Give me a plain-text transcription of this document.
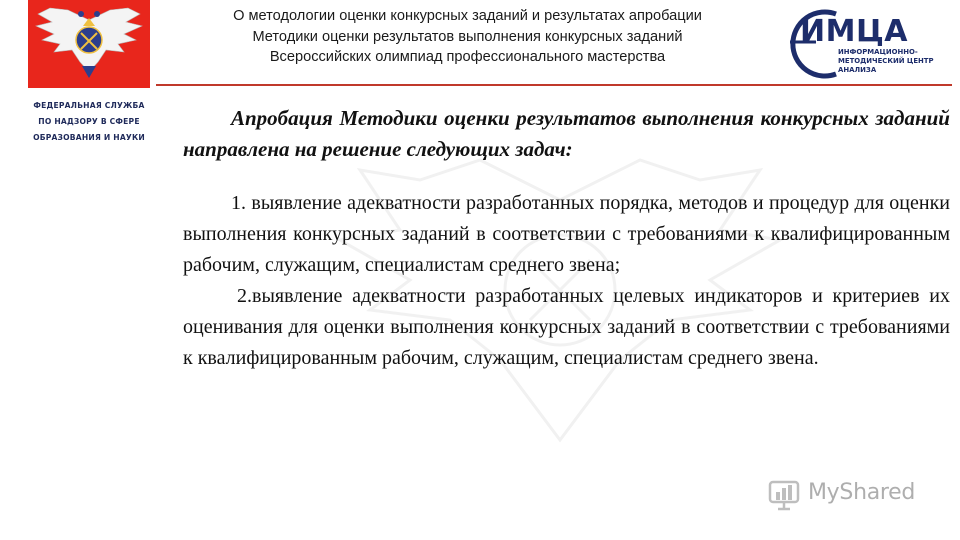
ФЕДЕРАЛЬНАЯ СЛУЖБА
ПО НАДЗОРУ В СФЕРЕ
ОБРАЗОВАНИЯ И НАУКИ
О методологии оценки конкурсных заданий и результатах апробации
Методики оценки результатов выполнения конкурсных заданий
Всероссийских олимпиад профессионального мастерства
ИМЦА
ИНФОРМАЦИОННО-
МЕТОДИЧЕСКИЙ ЦЕНТР
АНАЛИЗА

Апробация Методики оценки результатов выполнения конкурсных заданий направлена на решение следующих задач:

1. выявление адекватности разработанных порядка, методов и процедур для оценки выполнения конкурсных заданий в соответствии с требованиями к квалифицированным рабочим, служащим, специалистам среднего звена;

2.выявление адекватности разработанных целевых индикаторов и критериев их оценивания для оценки выполнения конкурсных заданий в соответствии с требованиями к квалифицированным рабочим, служащим, специалистам среднего звена.

MyShared
